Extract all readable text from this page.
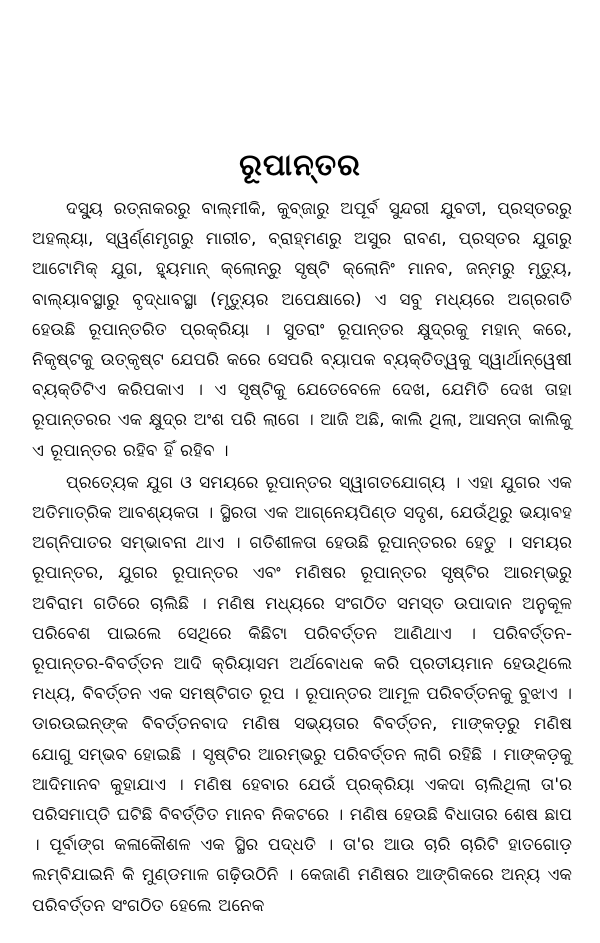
ରୂପାନ୍ତର

ଦସ୍ୟୁ ରତ୍ନାକରରୁ ବାଲ୍ମୀକି, କୁବ୍‌ଜାରୁ ଅପୂର୍ବ ସୁନ୍ଦରୀ ଯୁବତୀ, ପ୍ରସ୍ତରରୁ ଅହଲ୍ୟା, ସ୍ୱର୍ଣ୍ଣମୃଗରୁ ମାରୀଚ, ବ୍ରାହ୍ମଣରୁ ଅସୁର ରାବଣ, ପ୍ରସ୍ତର ଯୁଗରୁ ଆଟୋମିକ୍ ଯୁଗ, ହ୍ୟୁମାନ୍ କ୍ଲୋନ୍‌ରୁ ସୃଷ୍ଟି କ୍ଲୋନିଂ ମାନବ, ଜନ୍ମରୁ ମୃତ୍ୟୁ, ବାଲ୍ୟାବସ୍ଥାରୁ ବୃଦ୍ଧାବସ୍ଥା (ମୃତ୍ୟୁର ଅପେକ୍ଷାରେ) ଏ ସବୁ ମଧ୍ୟରେ ଅଗ୍ରଗତି ହେଉଛି ରୂପାନ୍ତରିତ ପ୍ରକ୍ରିୟା । ସୁତରାଂ ରୂପାନ୍ତର କ୍ଷୁଦ୍ରକୁ ମହାନ୍ କରେ, ନିକୃଷ୍ଟକୁ ଉତ୍କୃଷ୍ଟ ଯେପରି କରେ ସେପରି ବ୍ୟାପକ ବ୍ୟକ୍ତିତ୍ୱକୁ ସ୍ୱାର୍ଥାନ୍ୱେଷୀ ବ୍ୟକ୍ତିଟିଏ କରିପକାଏ । ଏ ସୃଷ୍ଟିକୁ ଯେତେବେଳେ ଦେଖ, ଯେମିତି ଦେଖ ତାହା ରୂପାନ୍ତରର ଏକ କ୍ଷୁଦ୍ର ଅଂଶ ପରି ଲାଗେ । ଆଜି ଅଛି, କାଲି ଥିଲା, ଆସନ୍ତା କାଲିକୁ ଏ ରୂପାନ୍ତର ରହିବ ହିଁ ରହିବ ।

ପ୍ରତ୍ୟେକ ଯୁଗ ଓ ସମୟରେ ରୂପାନ୍ତର ସ୍ୱାଗତଯୋଗ୍ୟ । ଏହା ଯୁଗର ଏକ ଅତିମାତ୍ରିକ ଆବଶ୍ୟକତା । ସ୍ଥିରତା ଏକ ଆଗ୍ନେୟପିଣ୍ଡ ସଦୃଶ, ଯେଉଁଥିରୁ ଭୟାବହ ଅଗ୍ନିପାତର ସମ୍ଭାବନା ଥାଏ । ଗତିଶୀଳତା ହେଉଛି ରୂପାନ୍ତରର ହେତୁ । ସମୟର ରୂପାନ୍ତର, ଯୁଗର ରୂପାନ୍ତର ଏବଂ ମଣିଷର ରୂପାନ୍ତର ସୃଷ୍ଟିର ଆରମ୍ଭରୁ ଅବିରାମ ଗତିରେ ଚାଲିଛି । ମଣିଷ ମଧ୍ୟରେ ସଂଗଠିତ ସମସ୍ତ ଉପାଦାନ ଅନୁକୂଳ ପରିବେଶ ପାଇଲେ ସେଥିରେ କିଛିଟା ପରିବର୍ତ୍ତନ ଆଣିଥାଏ । ପରିବର୍ତ୍ତନ-ରୂପାନ୍ତର-ବିବର୍ତ୍ତନ ଆଦି କ୍ରିୟାସମ ଅର୍ଥବୋଧକ କରି ପ୍ରତୀୟମାନ ହେଉଥିଲେ ମଧ୍ୟ, ବିବର୍ତ୍ତନ ଏକ ସମଷ୍ଟିଗତ ରୂପ । ରୂପାନ୍ତର ଆମୂଳ ପରିବର୍ତ୍ତନକୁ ବୁଝାଏ । ଡାରଉଇନ୍‌ଙ୍କ ବିବର୍ତ୍ତନବାଦ ମଣିଷ ସଭ୍ୟତାର ବିବର୍ତ୍ତନ, ମାଙ୍କଡ଼ରୁ ମଣିଷ ଯୋଗୁ ସମ୍ଭବ ହୋଇଛି । ସୃଷ୍ଟିର ଆରମ୍ଭରୁ ପରିବର୍ତ୍ତନ ଲାଗି ରହିଛି । ମାଙ୍କଡ଼କୁ ଆଦିମାନବ କୁହାଯାଏ । ମଣିଷ ହେବାର ଯେଉଁ ପ୍ରକ୍ରିୟା ଏକଦା ଚାଲିଥିଲା ତା'ର ପରିସମାପ୍ତି ଘଟିଛି ବିବର୍ତ୍ତିତ ମାନବ ନିକଟରେ । ମଣିଷ ହେଉଛି ବିଧାତାର ଶେଷ ଛାପ । ପୂର୍ବାଙ୍ଗ କଳାକୌଶଳ ଏକ ସ୍ଥିର ପଦ୍ଧତି । ତା'ର ଆଉ ଚାରି ଚାରିଟି ହାତଗୋଡ଼ ଲମ୍ବିଯାଇନି କି ମୁଣ୍ଡମାଳ ଗଢ଼ିଉଠିନି । କେଜାଣି ମଣିଷର ଆଙ୍ଗିକରେ ଅନ୍ୟ ଏକ ପରିବର୍ତ୍ତନ ସଂଗଠିତ ହେଲେ ଅନେକ
